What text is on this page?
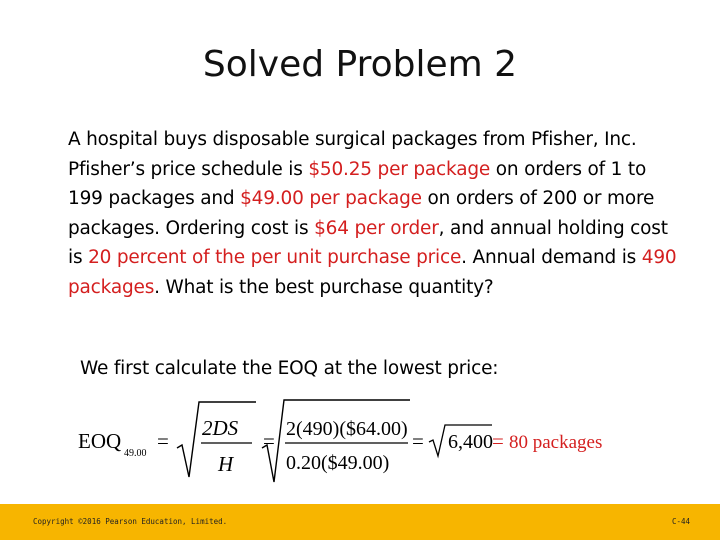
Solved Problem 2
A hospital buys disposable surgical packages from Pfisher, Inc. Pfisher’s price schedule is $50.25 per package on orders of 1 to 199 packages and $49.00 per package on orders of 200 or more packages. Ordering cost is $64 per order, and annual holding cost is 20 percent of the per unit purchase price. Annual demand is 490 packages. What is the best purchase quantity?
We first calculate the EOQ at the lowest price:
EOQ
49.00
=
2DS
H
= 2(490)($64.00)
0.20($49.00)
= 6,400 = 80 packages
Copyright ©2016 Pearson Education, Limited.	C-44
